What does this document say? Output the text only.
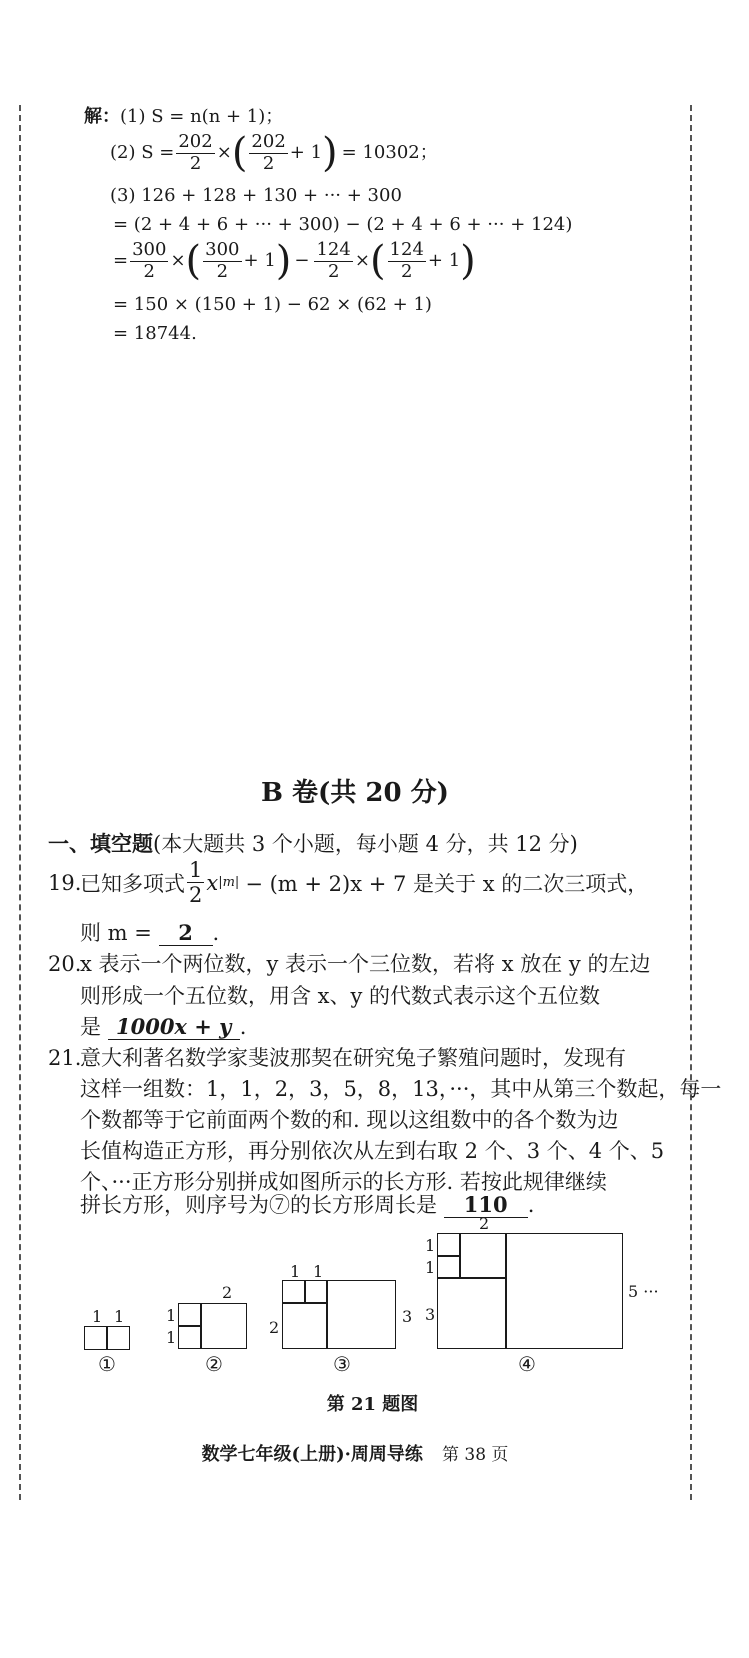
解：(1) S = n(n + 1)；
(2) $S = \frac{202}{2}$ × ( $\frac{202}{2} + 1$ ) = 10302；
(3) 126 + 128 + 130 + ··· + 300
= (2 + 4 + 6 + ··· + 300) − (2 + 4 + 6 + ··· + 124)
= $\frac{300}{2}$ × ( $\frac{300}{2} + 1$ ) − $\frac{124}{2}$ × ( $\frac{124}{2} + 1$ )
= 150 × (150 + 1) − 62 × (62 + 1)
= 18744.
B 卷(共 20 分)
一、填空题(本大题共 3 个小题，每小题 4 分，共 12 分)
19.
已知多项式 $\frac{1}{2}$ x |m| − (m + 2)x + 7 是关于 x 的二次三项式，
则 m = 2 .
20.x 表示一个两位数，y 表示一个三位数，若将 x 放在 y 的左边
则形成一个五位数，用含 x、y 的代数式表示这个五位数
是 1000x + y .
21.意大利著名数学家斐波那契在研究兔子繁殖问题时，发现有
这样一组数：1，1，2，3，5，8，13，···，其中从第三个数起，每一
个数都等于它前面两个数的和. 现以这组数中的各个数为边
长值构造正方形，再分别依次从左到右取 2 个、3 个、4 个、5
个、···正方形分别拼成如图所示的长方形. 若按此规律继续
拼长方形，则序号为⑦的长方形周长是 110 .
1 1
①
2
1
1
②
1 1
2
3
③
2
1
1
3
5 ···
④
第 21 题图
数学七年级(上册)·周周导练 第 38 页
